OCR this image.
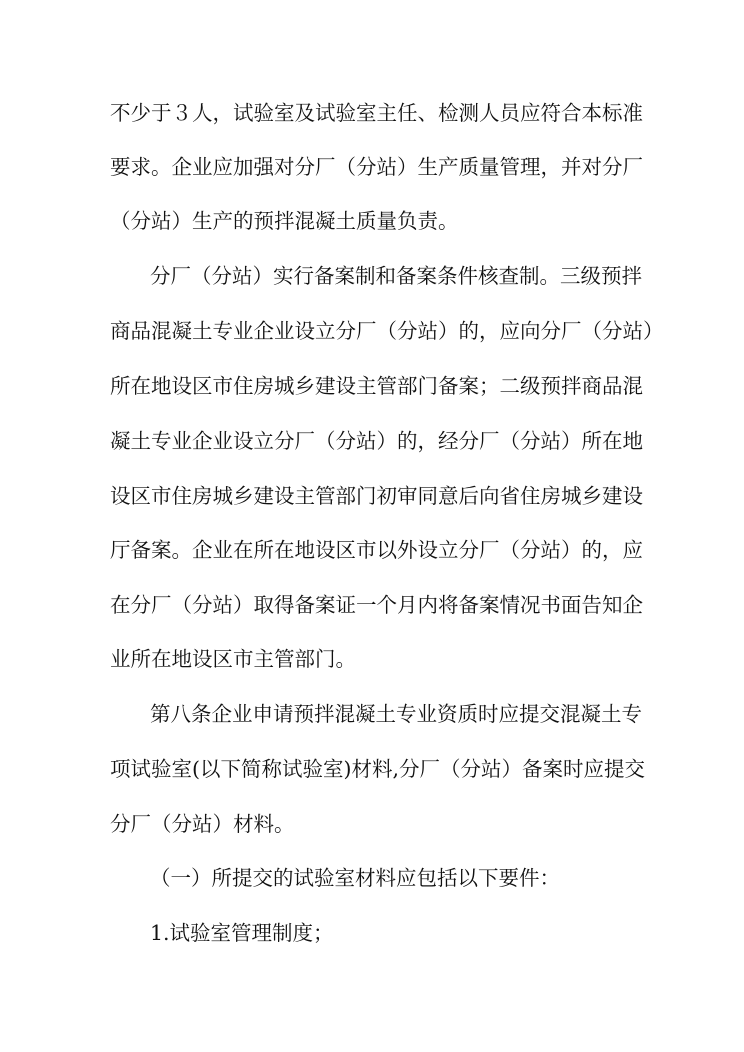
不少于３人，试验室及试验室主任、检测人员应符合本标准
要求。企业应加强对分厂（分站）生产质量管理，并对分厂
（分站）生产的预拌混凝土质量负责。
分厂（分站）实行备案制和备案条件核查制。三级预拌
商品混凝土专业企业设立分厂（分站）的，应向分厂（分站）
所在地设区市住房城乡建设主管部门备案；二级预拌商品混
凝土专业企业设立分厂（分站）的，经分厂（分站）所在地
设区市住房城乡建设主管部门初审同意后向省住房城乡建设
厅备案。企业在所在地设区市以外设立分厂（分站）的，应
在分厂（分站）取得备案证一个月内将备案情况书面告知企
业所在地设区市主管部门。
第八条企业申请预拌混凝土专业资质时应提交混凝土专
项试验室(以下简称试验室)材料,分厂（分站）备案时应提交
分厂（分站）材料。
（一）所提交的试验室材料应包括以下要件：
1.试验室管理制度；
